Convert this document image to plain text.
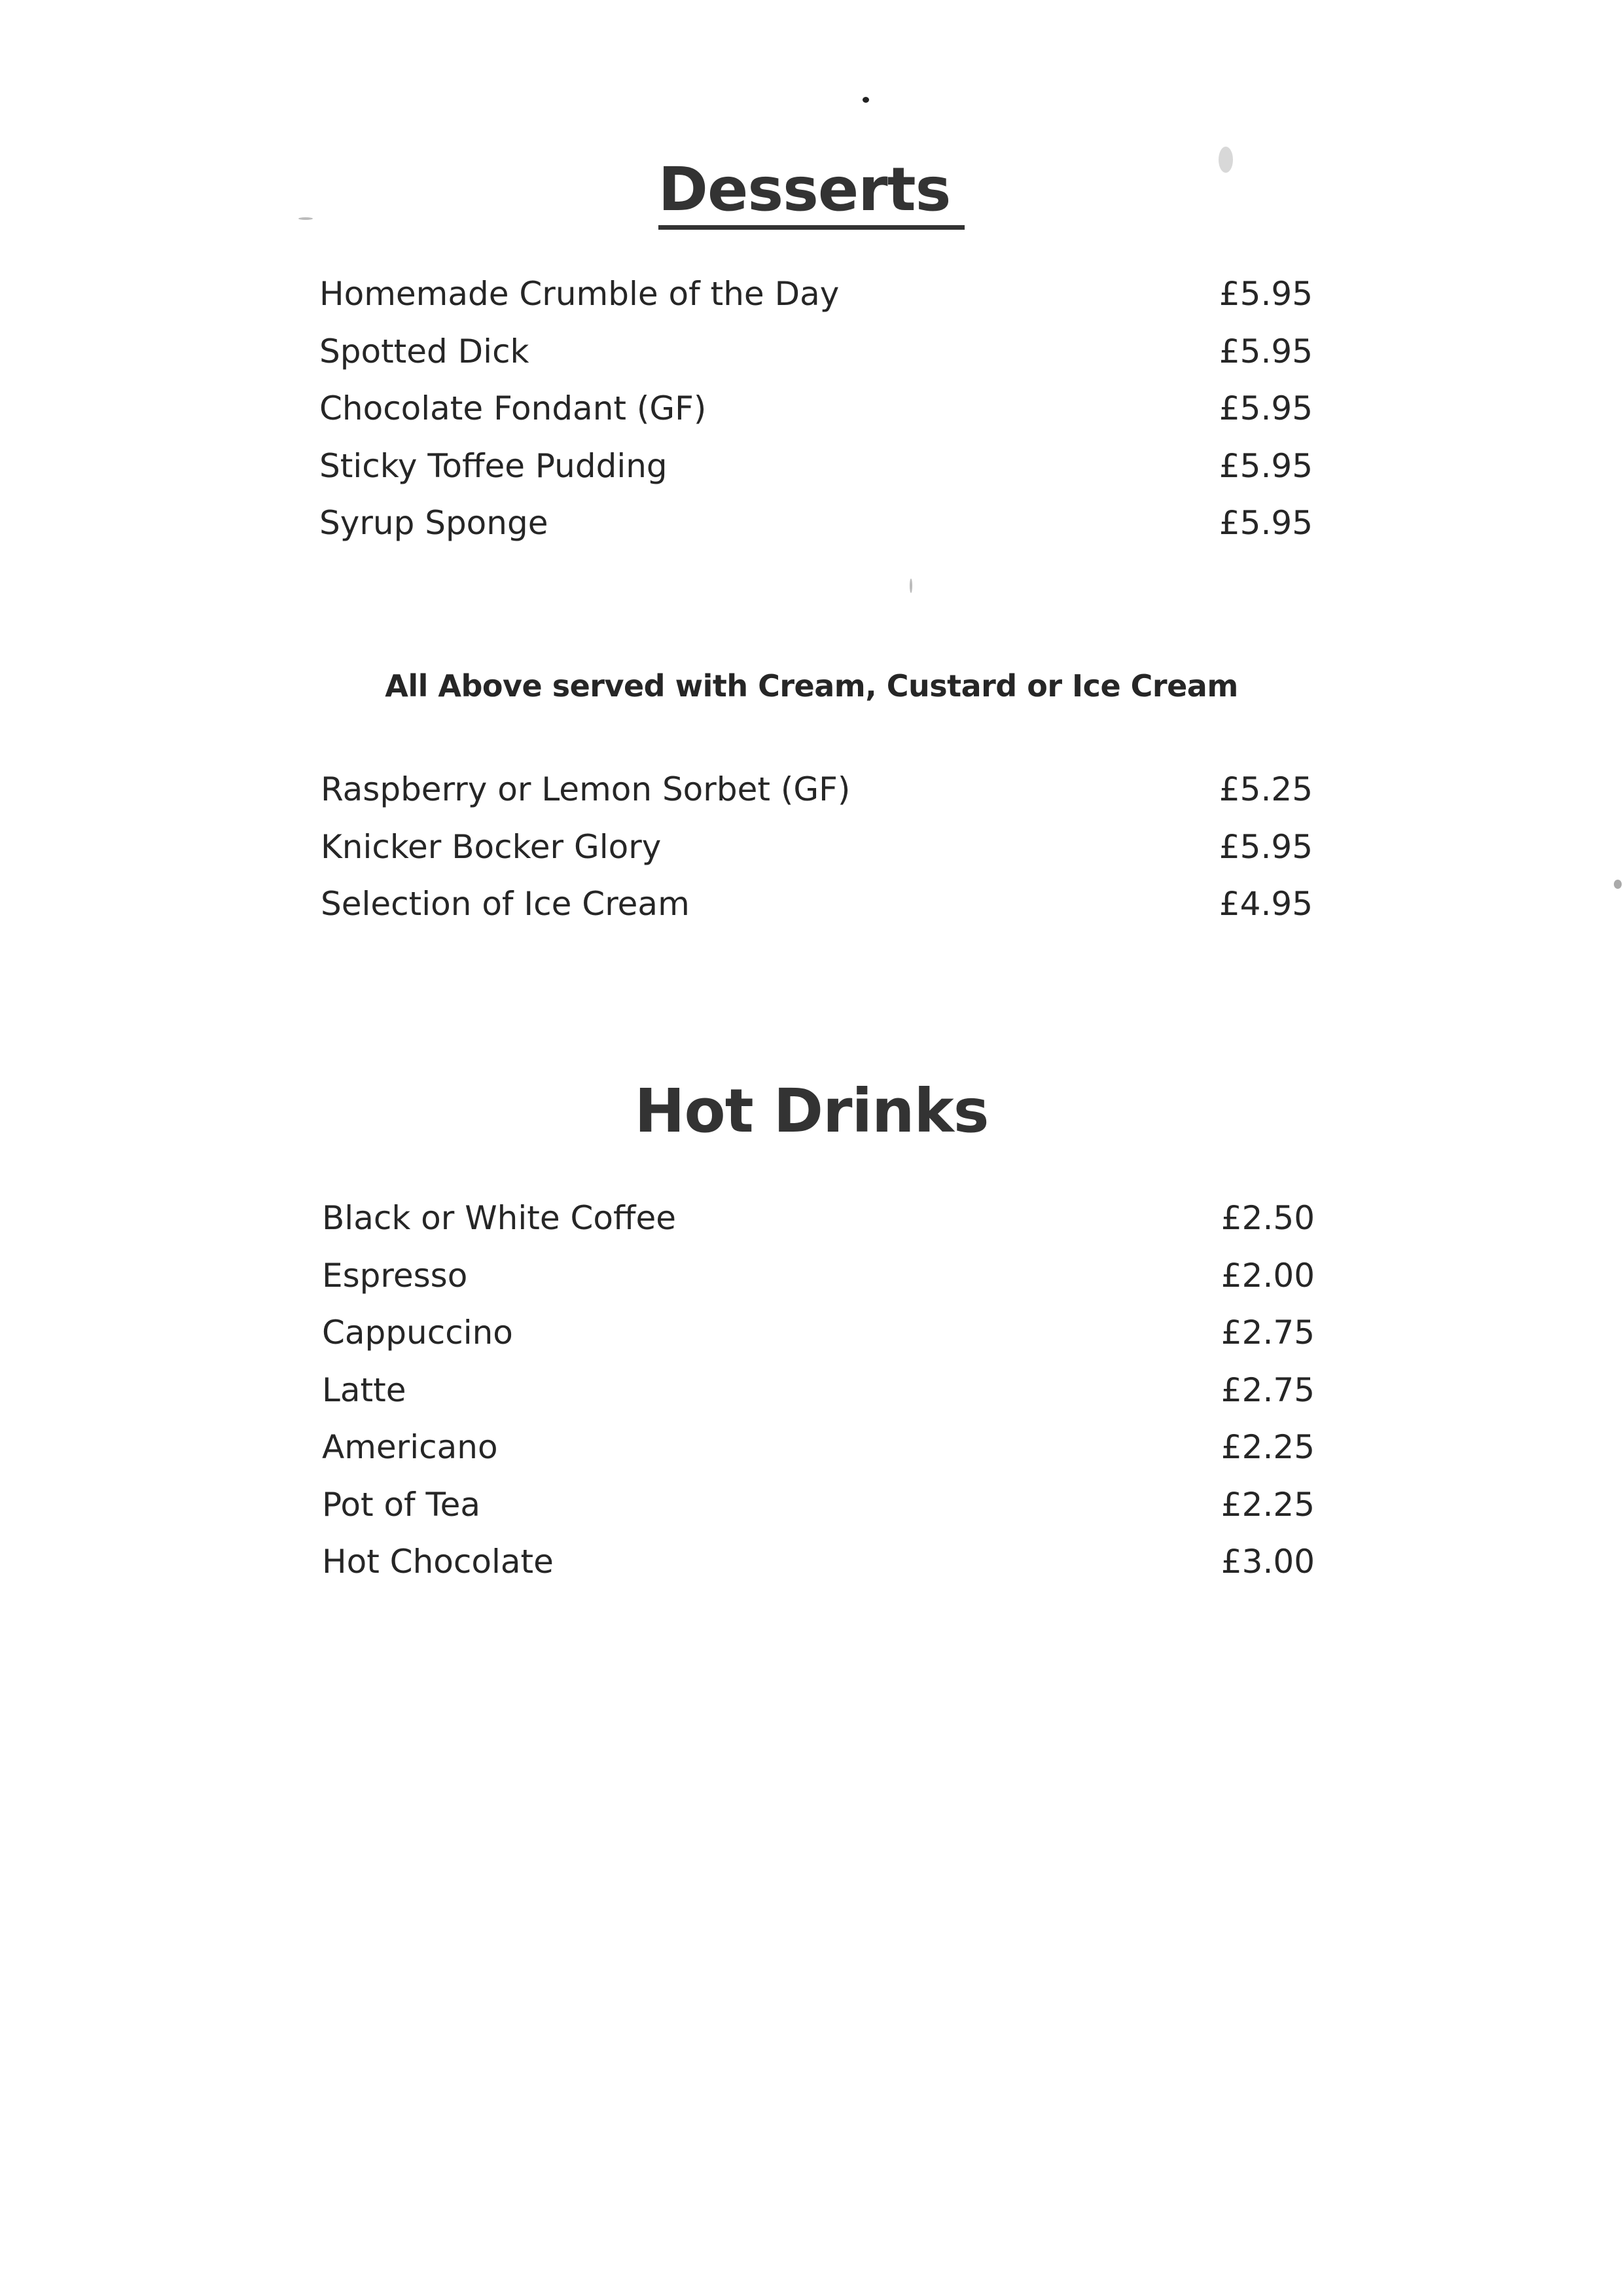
Desserts
Homemade Crumble of the Day	£5.95
Spotted Dick	£5.95
Chocolate Fondant (GF)	£5.95
Sticky Toffee Pudding	£5.95
Syrup Sponge	£5.95

All Above served with Cream, Custard or Ice Cream

Raspberry or Lemon Sorbet (GF)	£5.25
Knicker Bocker Glory	£5.95
Selection of Ice Cream	£4.95
Hot Drinks
Black or White Coffee	£2.50
Espresso	£2.00
Cappuccino	£2.75
Latte	£2.75
Americano	£2.25
Pot of Tea	£2.25
Hot Chocolate	£3.00
